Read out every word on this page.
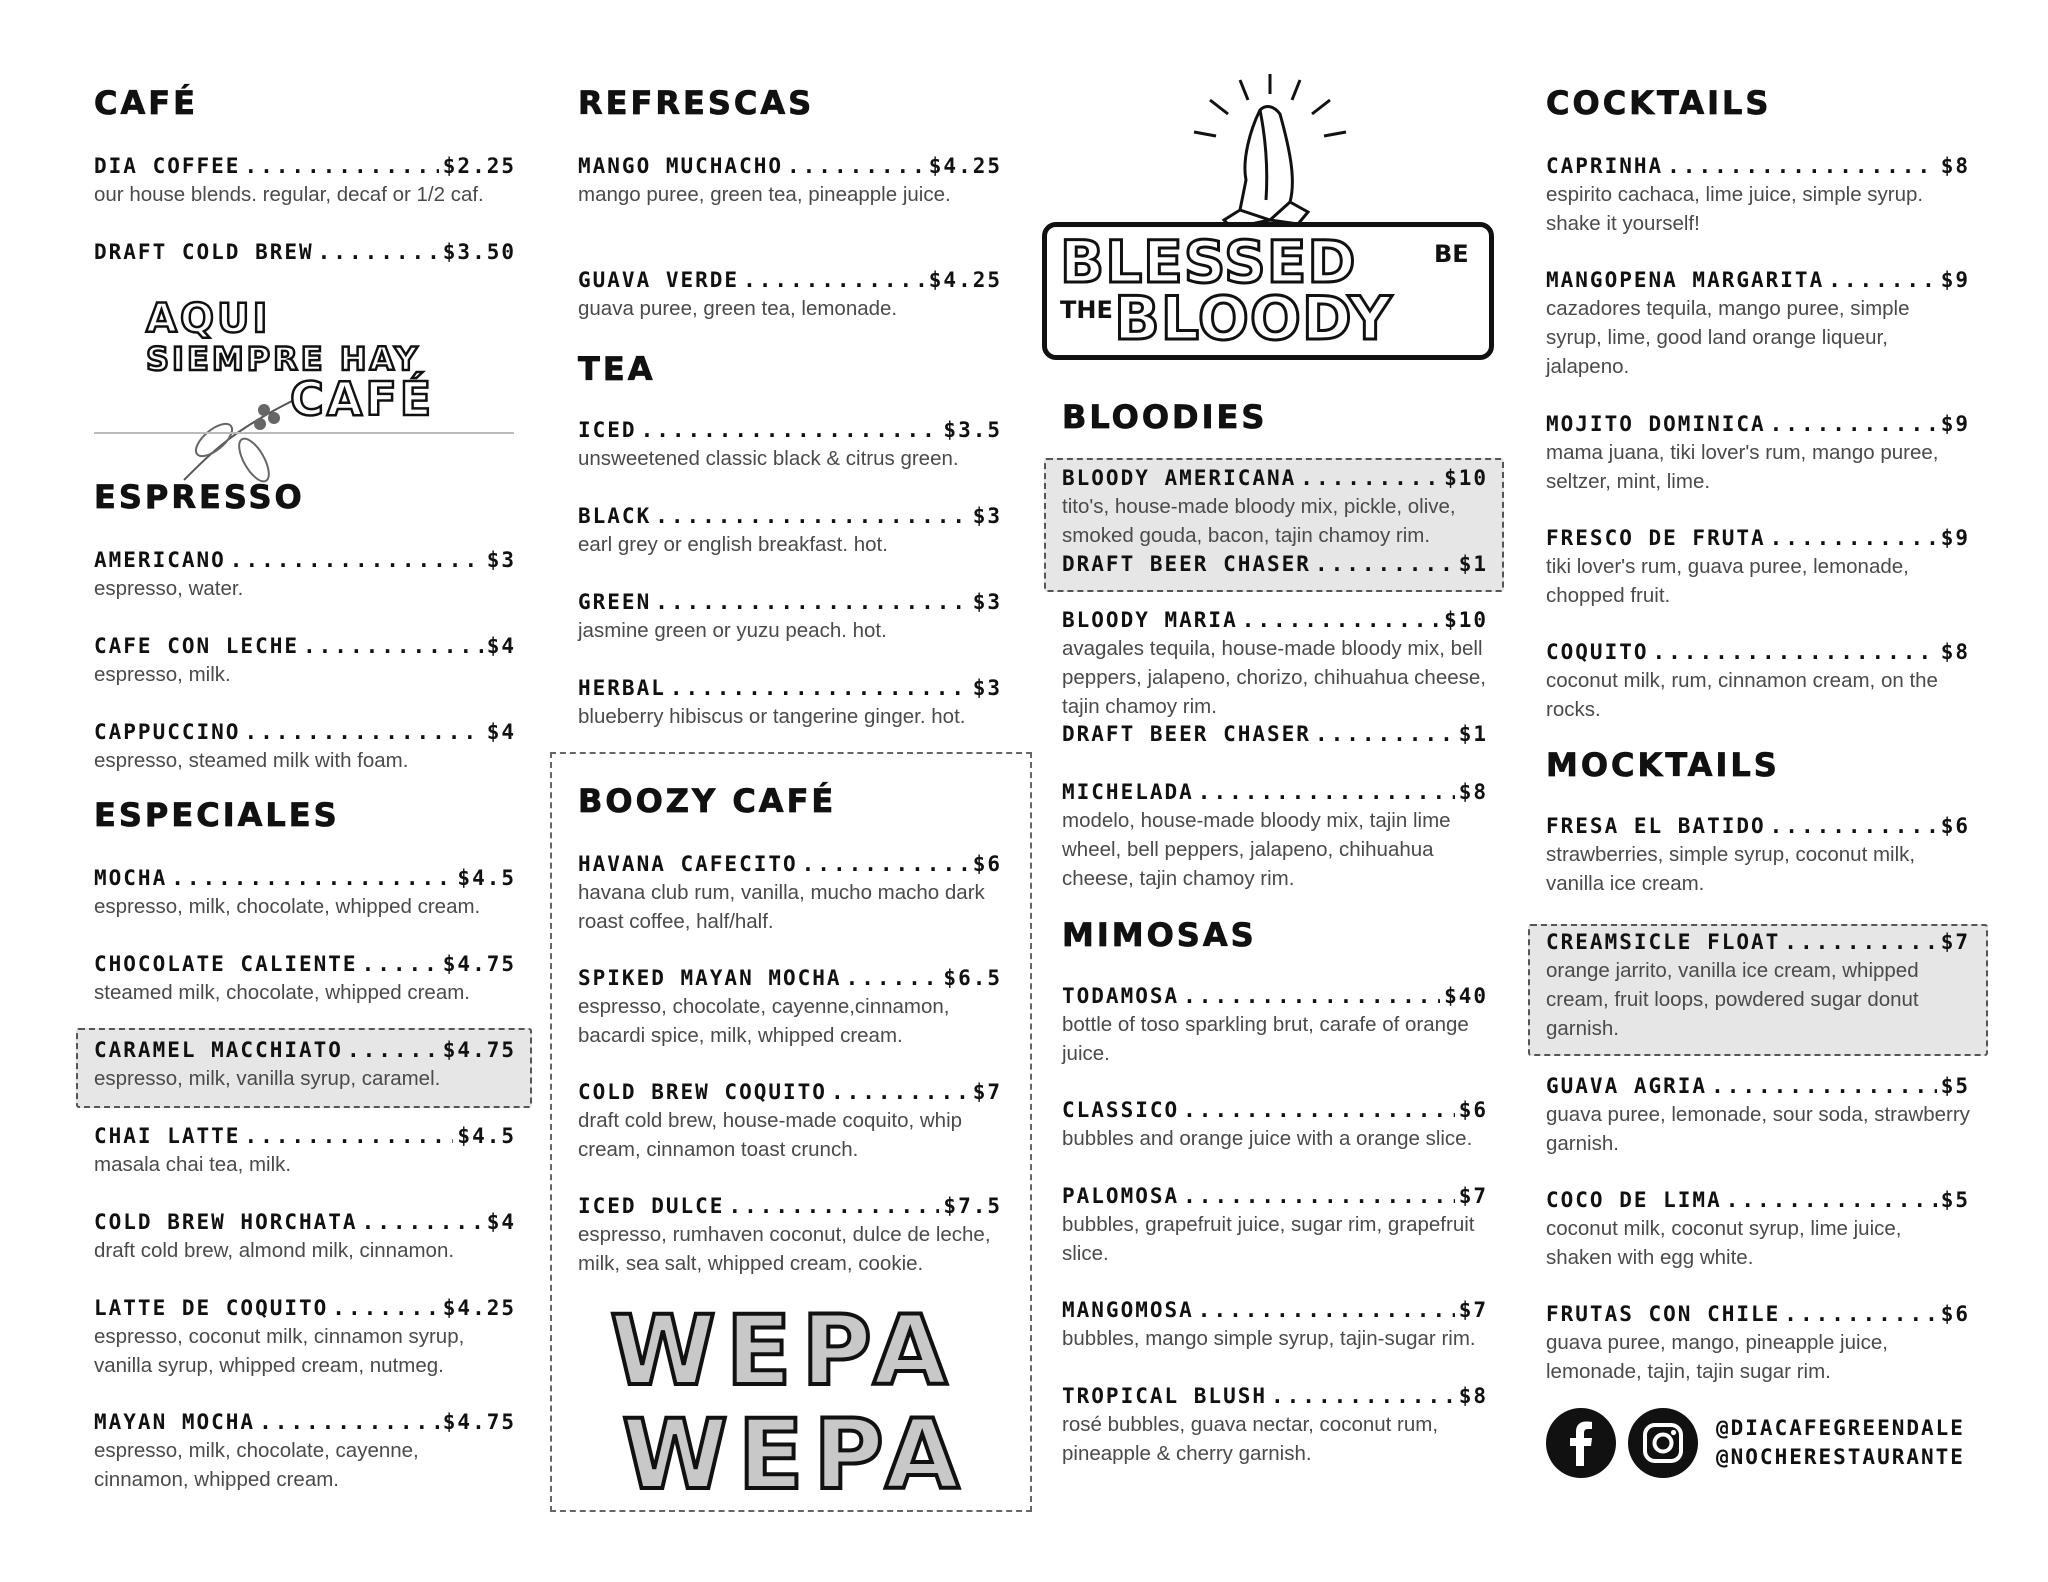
CAFÉ
DIA COFFEE .....	$2.25
our house blends. regular, decaf or 1/2 caf.
DRAFT COLD BREW .....	$3.50
ESPRESSO
AMERICANO .....	$3
espresso, water.
CAFE CON LECHE .....	$4
espresso, milk.
CAPPUCCINO .....	$4
espresso, steamed milk with foam.
ESPECIALES
MOCHA .....	$4.5
espresso, milk, chocolate, whipped cream.
CHOCOLATE CALIENTE .....	$4.75
steamed milk, chocolate, whipped cream.
CARAMEL MACCHIATO .....	$4.75
espresso, milk, vanilla syrup, caramel.
CHAI LATTE .....	$4.5
masala chai tea, milk.
COLD BREW HORCHATA .....	$4
draft cold brew, almond milk, cinnamon.
LATTE DE COQUITO .....	$4.25
espresso, coconut milk, cinnamon syrup, vanilla syrup, whipped cream, nutmeg.
MAYAN MOCHA .....	$4.75
espresso, milk, chocolate, cayenne, cinnamon, whipped cream.
AQUI
SIEMPRE HAY
CAFÉ
REFRESCAS
MANGO MUCHACHO .....	$4.25
mango puree, green tea, pineapple juice.
GUAVA VERDE .....	$4.25
guava puree, green tea, lemonade.
TEA
ICED .....	$3.5
unsweetened classic black & citrus green.
BLACK .....	$3
earl grey or english breakfast. hot.
GREEN .....	$3
jasmine green or yuzu peach. hot.
HERBAL .....	$3
blueberry hibiscus or tangerine ginger. hot.
BOOZY CAFÉ
HAVANA CAFECITO .....	$6
havana club rum, vanilla, mucho macho dark roast coffee, half/half.
SPIKED MAYAN MOCHA .....	$6.5
espresso, chocolate, cayenne,cinnamon, bacardi spice, milk, whipped cream.
COLD BREW COQUITO .....	$7
draft cold brew, house-made coquito, whip cream, cinnamon toast crunch.
ICED DULCE .....	$7.5
espresso, rumhaven coconut, dulce de leche, milk, sea salt, whipped cream, cookie.
WEPA
WEPA
BLESSED	BE
THE BLOODY
BLOODIES
BLOODY AMERICANA .....	$10
tito's, house-made bloody mix, pickle, olive, smoked gouda, bacon, tajin chamoy rim.
DRAFT BEER CHASER .....	$1
BLOODY MARIA .....	$10
avagales tequila, house-made bloody mix, bell peppers, jalapeno, chorizo, chihuahua cheese, tajin chamoy rim.
DRAFT BEER CHASER .....	$1
MICHELADA .....	$8
modelo, house-made bloody mix, tajin lime wheel, bell peppers, jalapeno, chihuahua cheese, tajin chamoy rim.
MIMOSAS
TODAMOSA .....	$40
bottle of toso sparkling brut, carafe of orange juice.
CLASSICO .....	$6
bubbles and orange juice with a orange slice.
PALOMOSA .....	$7
bubbles, grapefruit juice, sugar rim, grapefruit slice.
MANGOMOSA .....	$7
bubbles, mango simple syrup, tajin-sugar rim.
TROPICAL BLUSH .....	$8
rosé bubbles, guava nectar, coconut rum, pineapple & cherry garnish.
COCKTAILS
CAPRINHA .....	$8
espirito cachaca, lime juice, simple syrup. shake it yourself!
MANGOPENA MARGARITA .....	$9
cazadores tequila, mango puree, simple syrup, lime, good land orange liqueur, jalapeno.
MOJITO DOMINICA .....	$9
mama juana, tiki lover's rum, mango puree, seltzer, mint, lime.
FRESCO DE FRUTA .....	$9
tiki lover's rum, guava puree, lemonade, chopped fruit.
COQUITO .....	$8
coconut milk, rum, cinnamon cream, on the rocks.
MOCKTAILS
FRESA EL BATIDO .....	$6
strawberries, simple syrup, coconut milk, vanilla ice cream.
CREAMSICLE FLOAT .....	$7
orange jarrito, vanilla ice cream, whipped cream, fruit loops, powdered sugar donut garnish.
GUAVA AGRIA .....	$5
guava puree, lemonade, sour soda, strawberry garnish.
COCO DE LIMA .....	$5
coconut milk, coconut syrup, lime juice, shaken with egg white.
FRUTAS CON CHILE .....	$6
guava puree, mango, pineapple juice, lemonade, tajin, tajin sugar rim.
@DIACAFEGREENDALE
@NOCHERESTAURANTE
